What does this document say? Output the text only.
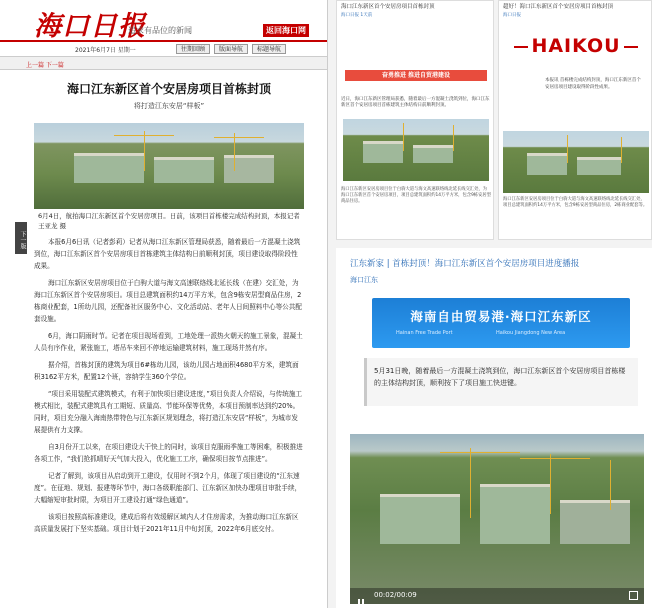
海口日报
追求有品位的新闻	返回海口网
2021年6月7日 星期一	往期回顾	版面导航	标题导航
上一篇 下一篇
下一版
海口江东新区首个安居房项目首栋封顶
将打造江东安居“样板”
6月4日，航拍海口江东新区首个安居房项目。日前，该项目首栋楼完成结构封顶，本报记者 王亚龙 摄
本报6月6日讯（记者彭莉）记者从海口江东新区管理局获悉，随着最后一方混凝土浇筑到位，海口江东新区首个安居房项目首栋建筑主体结构日前顺利封顶，项目建设取得阶段性成果。
海口江东新区安居房项目位于白驹大道与海文高速联络线北延长线（在建）交汇处，为海口江东新区首个安居房项目。项目总建筑面积约14万平方米，包含9栋安居型商品住房，2栋商业配套，1所幼儿园，还配备社区服务中心、文化活动站、老年人日间照料中心等公共配套设施。
6月，海口阴雨时节。记者在项目现场看到，工地处理一派热火朝天的施工景象，混凝土人员有序作业，紧张施工，塔吊车来回不停地运输建筑材料，施工现场井然有序。
据介绍，首栋封顶的建筑为项目6#栋幼儿园，该幼儿园占地面积4680平方米，建筑面积3162平方米，配置12个班，容纳学生360个学位。
“项目采用装配式建筑模式，有利于加快项目建设进度，”项目负责人介绍说，与传统施工模式相比，装配式建筑具有工期短、质量高、节能环保等优势，本项目预制率达到约20%。同时，项目充分融入海南热带特色与江东新区规划理念，将打造江东安居“样板”，为城市发展提供有力支撑。
自3月份开工以来，在项目建设大干快上的同时，该项目克服雨季施工等困难，积极推进各项工作，“我们抢抓晴好天气加大投入，优化施工工序，确保项目按节点推进”。
记者了解到，该项目从启动到开工建设，仅用时不到2个月，体现了项目建设的“江东速度”。在征地、规划、报建等环节中，海口各级职能部门、江东新区加快办理项目审批手续，大幅缩短审批时限，为项目开工建设打通“绿色通道”。
该项目按照高标准建设，建成后将有效缓解区域内人才住房需求，为推动海口江东新区高质量发展打下坚实基础。项目计划于2021年11月中旬封顶，2022年6月底交付。
海口江东新区首个安居房项目首栋封顶
海口日报 1天前
奋勇推进 推进自贸港建设
近日，海口江东新区管理局获悉，随着最后一方混凝土浇筑到位，海口江东新区首个安居房项目首栋建筑主体结构日前顺利封顶。
海口江东新区安居房项目位于白驹大道与海文高速联络线北延长线交汇处，为海口江东新区首个安居房项目，项目总建筑面积约14万平方米，包含9栋安居型商品住房。
超好！海口江东新区首个安居房项目首栋封顶
海口日报
HAIKOU
本报讯 首栋楼完成结构封顶，海口江东新区首个安居房项目建设取得阶段性成果。
海口江东新区安居房项目位于白驹大道与海文高速联络线北延长线交汇处，项目总建筑面积约14万平方米，包含9栋安居型商品住房，2栋商业配套等。
江东新家 | 首栋封顶！海口江东新区首个安居房项目进度播报
海口江东
海南自由贸易港·海口江东新区
Hainan Free Trade Port	Haikou Jiangdong New Area
5月31日晚，随着最后一方混凝土浇筑到位，海口江东新区首个安居房项目首栋楼的主体结构封顶，顺利按下了项目施工快进键。
00:02/00:09
